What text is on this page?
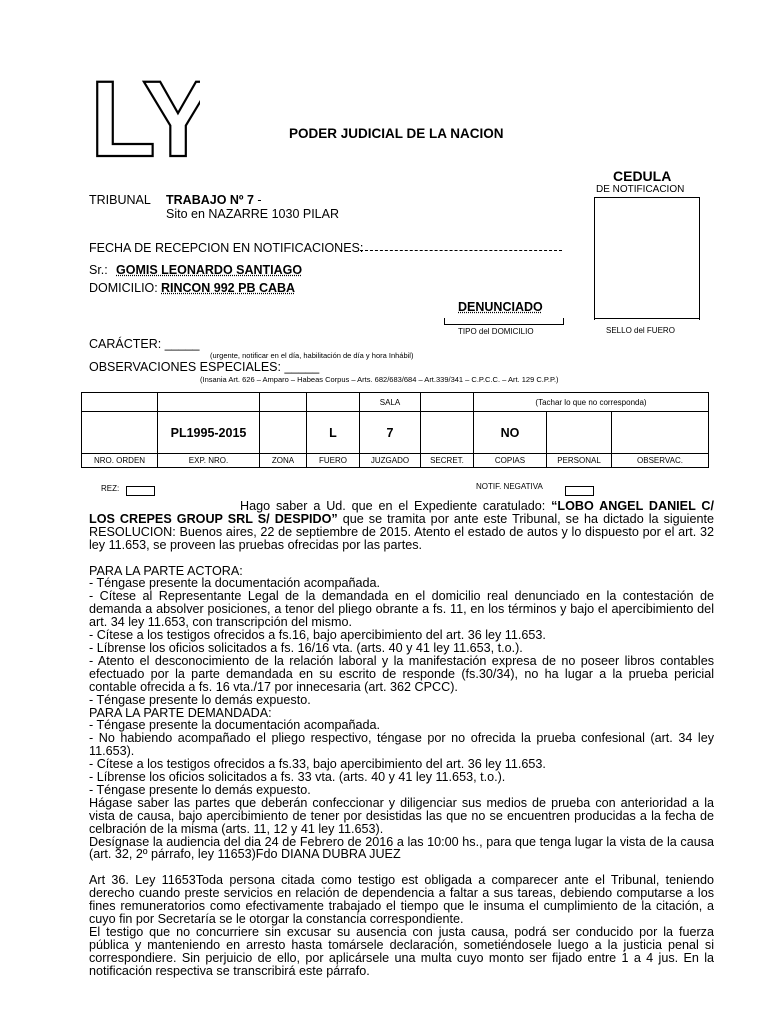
LY	PODER JUDICIAL DE LA NACION
CEDULA
DE NOTIFICACION
SELLO del FUERO
TRIBUNAL TRABAJO Nº 7 -
Sito en NAZARRE 1030 PILAR
FECHA DE RECEPCION EN NOTIFICACIONES:
Sr.: GOMIS LEONARDO SANTIAGO
DOMICILIO: RINCON 992 PB CABA
DENUNCIADO
TIPO del DOMICILIO
CARÁCTER: _____
(urgente, notificar en el día, habilitación de día y hora Inhábil)
OBSERVACIONES ESPECIALES: _____
(Insania Art. 626 – Amparo – Habeas Corpus – Arts. 682/683/684 – Art.339/341 – C.P.C.C. – Art. 129 C.P.P.)
				SALA		(Tachar lo que no corresponda)		
	PL1995-2015		L	7		NO		
NRO. ORDEN	EXP. NRO.	ZONA	FUERO	JUZGADO	SECRET.	COPIAS	PERSONAL	OBSERVAC.
REZ:	NOTIF. NEGATIVA

Hago saber a Ud. que en el Expediente caratulado: “LOBO ANGEL DANIEL C/ LOS CREPES GROUP SRL S/ DESPIDO” que se tramita por ante este Tribunal, se ha dictado la siguiente RESOLUCION: Buenos aires, 22 de septiembre de 2015. Atento el estado de autos y lo dispuesto por el art. 32 ley 11.653, se proveen las pruebas ofrecidas por las partes.

PARA LA PARTE ACTORA:

- Téngase presente la documentación acompañada.

- Cítese al Representante Legal de la demandada en el domicilio real denunciado en la contestación de demanda a absolver posiciones, a tenor del pliego obrante a fs. 11, en los términos y bajo el apercibimiento del art. 34 ley 11.653, con transcripción del mismo.

- Cítese a los testigos ofrecidos a fs.16, bajo apercibimiento del art. 36 ley 11.653.

- Líbrense los oficios solicitados a fs. 16/16 vta. (arts. 40 y 41 ley 11.653, t.o.).

- Atento el desconocimiento de la relación laboral y la manifestación expresa de no poseer libros contables efectuado por la parte demandada en su escrito de responde (fs.30/34), no ha lugar a la prueba pericial contable ofrecida a fs. 16 vta./17 por innecesaria (art. 362 CPCC).

- Téngase presente lo demás expuesto.

PARA LA PARTE DEMANDADA:

- Téngase presente la documentación acompañada.

- No habiendo acompañado el pliego respectivo, téngase por no ofrecida la prueba confesional (art. 34 ley 11.653).

- Cítese a los testigos ofrecidos a fs.33, bajo apercibimiento del art. 36 ley 11.653.

- Líbrense los oficios solicitados a fs. 33 vta. (arts. 40 y 41 ley 11.653, t.o.).

- Téngase presente lo demás expuesto.

Hágase saber las partes que deberán confeccionar y diligenciar sus medios de prueba con anterioridad a la vista de causa, bajo apercibimiento de tener por desistidas las que no se encuentren producidas a la fecha de celbración de la misma (arts. 11, 12 y 41 ley 11.653).

Desígnase la audiencia del dia 24 de Febrero de 2016 a las 10:00 hs., para que tenga lugar la vista de la causa (art. 32, 2º párrafo, ley 11653)Fdo DIANA DUBRA JUEZ

Art 36. Ley 11653Toda persona citada como testigo est obligada a comparecer ante el Tribunal, teniendo derecho cuando preste servicios en relación de dependencia a faltar a sus tareas, debiendo computarse a los fines remuneratorios como efectivamente trabajado el tiempo que le insuma el cumplimiento de la citación, a cuyo fin por Secretaría se le otorgar la constancia correspondiente.

El testigo que no concurriere sin excusar su ausencia con justa causa, podrá ser conducido por la fuerza pública y manteniendo en arresto hasta tomársele declaración, sometiéndosele luego a la justicia penal si correspondiere. Sin perjuicio de ello, por aplicársele una multa cuyo monto ser fijado entre 1 a 4 jus. En la notificación respectiva se transcribirá este párrafo.
